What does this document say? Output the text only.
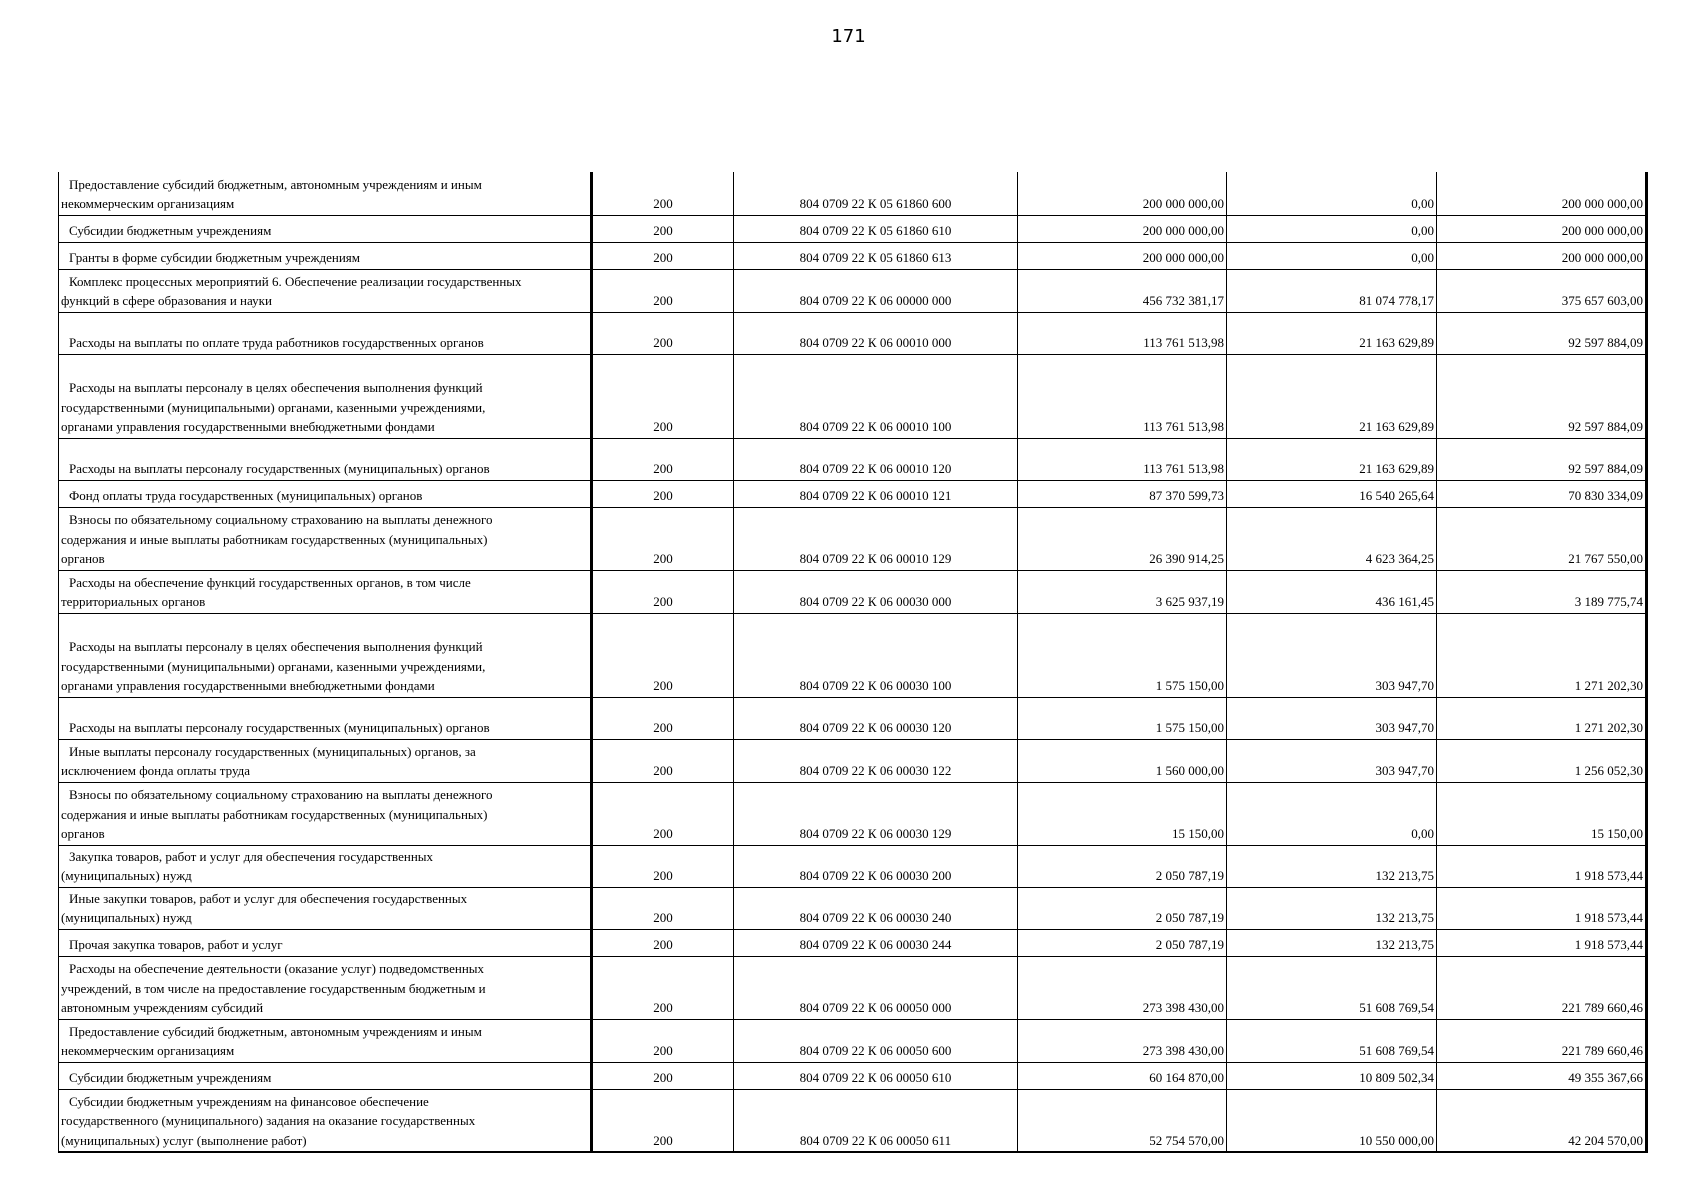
171
Предоставление субсидий бюджетным, автономным учреждениям и иным
некоммерческим организациям	200	804 0709 22 К 05 61860 600	200 000 000,00	0,00	200 000 000,00

Субсидии бюджетным учреждениям	200	804 0709 22 К 05 61860 610	200 000 000,00	0,00	200 000 000,00

Гранты в форме субсидии бюджетным учреждениям	200	804 0709 22 К 05 61860 613	200 000 000,00	0,00	200 000 000,00

Комплекс процессных мероприятий 6. Обеспечение реализации государственных
функций в сфере образования и науки	200	804 0709 22 К 06 00000 000	456 732 381,17	81 074 778,17	375 657 603,00

Расходы на выплаты по оплате труда работников государственных органов	200	804 0709 22 К 06 00010 000	113 761 513,98	21 163 629,89	92 597 884,09

Расходы на выплаты персоналу в целях обеспечения выполнения функций
государственными (муниципальными) органами, казенными учреждениями,
органами управления государственными внебюджетными фондами	200	804 0709 22 К 06 00010 100	113 761 513,98	21 163 629,89	92 597 884,09

Расходы на выплаты персоналу государственных (муниципальных) органов	200	804 0709 22 К 06 00010 120	113 761 513,98	21 163 629,89	92 597 884,09

Фонд оплаты труда государственных (муниципальных) органов	200	804 0709 22 К 06 00010 121	87 370 599,73	16 540 265,64	70 830 334,09

Взносы по обязательному социальному страхованию на выплаты денежного
содержания и иные выплаты работникам государственных (муниципальных)
органов	200	804 0709 22 К 06 00010 129	26 390 914,25	4 623 364,25	21 767 550,00

Расходы на обеспечение функций государственных органов, в том числе
территориальных органов	200	804 0709 22 К 06 00030 000	3 625 937,19	436 161,45	3 189 775,74

Расходы на выплаты персоналу в целях обеспечения выполнения функций
государственными (муниципальными) органами, казенными учреждениями,
органами управления государственными внебюджетными фондами	200	804 0709 22 К 06 00030 100	1 575 150,00	303 947,70	1 271 202,30

Расходы на выплаты персоналу государственных (муниципальных) органов	200	804 0709 22 К 06 00030 120	1 575 150,00	303 947,70	1 271 202,30

Иные выплаты персоналу государственных (муниципальных) органов, за
исключением фонда оплаты труда	200	804 0709 22 К 06 00030 122	1 560 000,00	303 947,70	1 256 052,30

Взносы по обязательному социальному страхованию на выплаты денежного
содержания и иные выплаты работникам государственных (муниципальных)
органов	200	804 0709 22 К 06 00030 129	15 150,00	0,00	15 150,00

Закупка товаров, работ и услуг для обеспечения государственных
(муниципальных) нужд	200	804 0709 22 К 06 00030 200	2 050 787,19	132 213,75	1 918 573,44

Иные закупки товаров, работ и услуг для обеспечения государственных
(муниципальных) нужд	200	804 0709 22 К 06 00030 240	2 050 787,19	132 213,75	1 918 573,44

Прочая закупка товаров, работ и услуг	200	804 0709 22 К 06 00030 244	2 050 787,19	132 213,75	1 918 573,44

Расходы на обеспечение деятельности (оказание услуг) подведомственных
учреждений, в том числе на предоставление государственным бюджетным и
автономным учреждениям субсидий	200	804 0709 22 К 06 00050 000	273 398 430,00	51 608 769,54	221 789 660,46

Предоставление субсидий бюджетным, автономным учреждениям и иным
некоммерческим организациям	200	804 0709 22 К 06 00050 600	273 398 430,00	51 608 769,54	221 789 660,46

Субсидии бюджетным учреждениям	200	804 0709 22 К 06 00050 610	60 164 870,00	10 809 502,34	49 355 367,66

Субсидии бюджетным учреждениям на финансовое обеспечение
государственного (муниципального) задания на оказание государственных
(муниципальных) услуг (выполнение работ)	200	804 0709 22 К 06 00050 611	52 754 570,00	10 550 000,00	42 204 570,00
